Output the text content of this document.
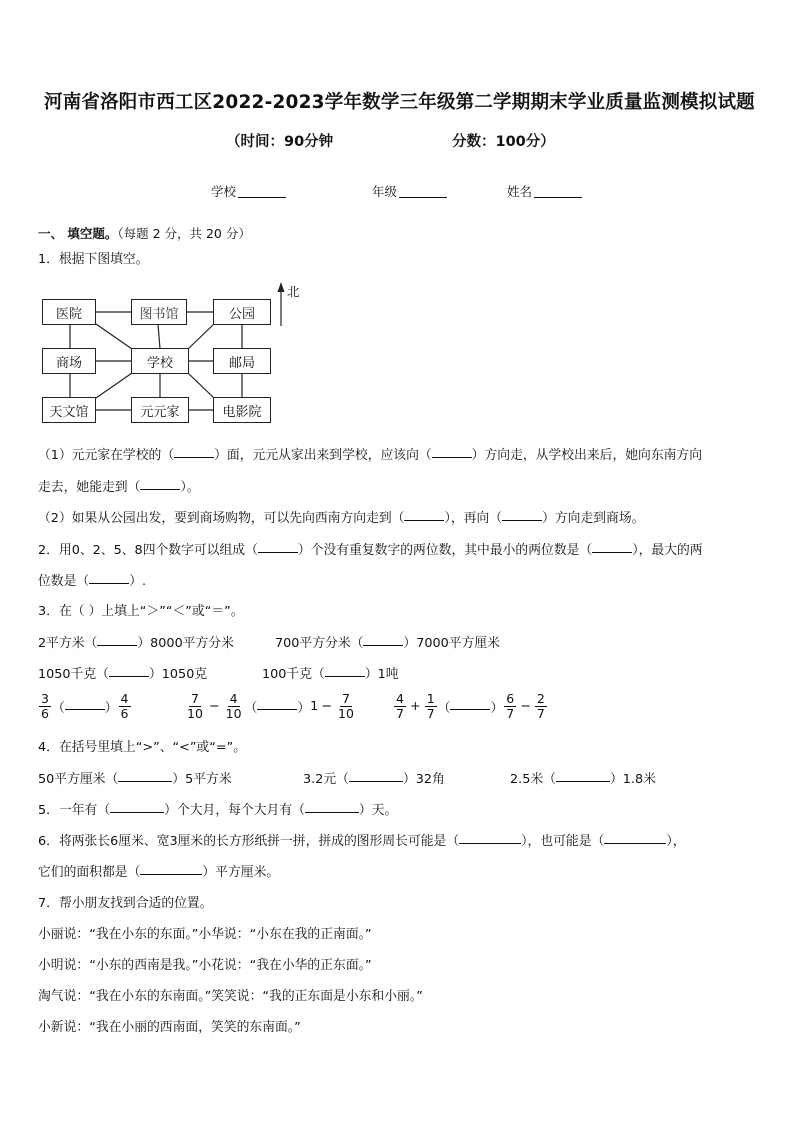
河南省洛阳市西工区2022-2023学年数学三年级第二学期期末学业质量监测模拟试题
（时间：90分钟	分数：100分）
学校	年级	姓名
一、 填空题。（每题 2 分，共 20 分）
1．根据下图填空。
北
医院	图书馆	公园
商场	学校	邮局
天文馆	元元家	电影院
（1）元元家在学校的（	）面，元元从家出来到学校，应该向（	）方向走，从学校出来后，她向东南方向
走去，她能走到（	）。
（2）如果从公园出发，要到商场购物，可以先向西南方向走到（	），再向（	）方向走到商场。
2．用0、2、5、8四个数字可以组成（	）个没有重复数字的两位数，其中最小的两位数是（	），最大的两
位数是（	）.
3．在（ ）上填上“＞”“＜”或“＝”。
2平方米（	）8000平方分米	700平方分米（	）7000平方厘米
1050千克（	）1050克	100千克（	）1吨
$\frac{3}{6}$ （	） $\frac{4}{6}$	$\frac{7}{10} - \frac{4}{10}$ （	） $1 - \frac{7}{10}$	$\frac{4}{7} + \frac{1}{7}$ （	） $\frac{6}{7} - \frac{2}{7}$
4．在括号里填上“>”、“<”或“=”。
50平方厘米（	）5平方米	3.2元（	）32角	2.5米（	）1.8米
5．一年有（	）个大月，每个大月有（	）天。
6．将两张长6厘米、宽3厘米的长方形纸拼一拼，拼成的图形周长可能是（	），也可能是（	），
它们的面积都是（	）平方厘米。
7．帮小朋友找到合适的位置。
小丽说：“我在小东的东面。”小华说：“小东在我的正南面。”
小明说：“小东的西南是我。”小花说：“我在小华的正东面。”
淘气说：“我在小东的东南面。”笑笑说：“我的正东面是小东和小丽。”
小新说：“我在小丽的西南面，笑笑的东南面。”
